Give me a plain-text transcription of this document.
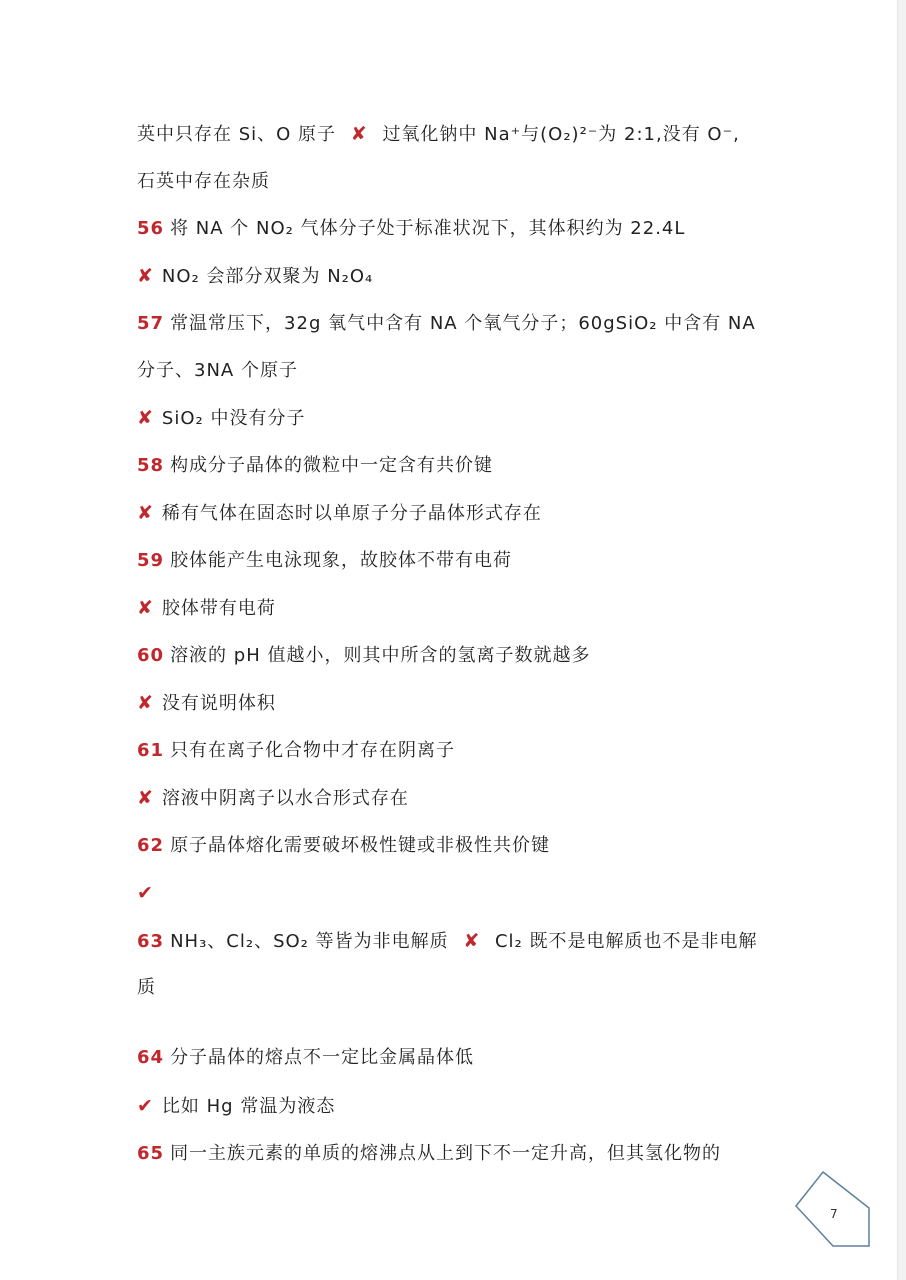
英中只存在 Si、O 原子 ✘ 过氧化钠中 Na⁺与(O₂)²⁻为 2:1,没有 O⁻,
石英中存在杂质
56 将 NA 个 NO₂ 气体分子处于标准状况下，其体积约为 22.4L
✘ NO₂ 会部分双聚为 N₂O₄
57 常温常压下，32g 氧气中含有 NA 个氧气分子；60gSiO₂ 中含有 NA
分子、3NA 个原子
✘ SiO₂ 中没有分子
58 构成分子晶体的微粒中一定含有共价键
✘ 稀有气体在固态时以单原子分子晶体形式存在
59 胶体能产生电泳现象，故胶体不带有电荷
✘ 胶体带有电荷
60 溶液的 pH 值越小，则其中所含的氢离子数就越多
✘ 没有说明体积
61 只有在离子化合物中才存在阴离子
✘ 溶液中阴离子以水合形式存在
62 原子晶体熔化需要破坏极性键或非极性共价键
✔
63 NH₃、Cl₂、SO₂ 等皆为非电解质 ✘ Cl₂ 既不是电解质也不是非电解
质
64 分子晶体的熔点不一定比金属晶体低
✔ 比如 Hg 常温为液态
65 同一主族元素的单质的熔沸点从上到下不一定升高，但其氢化物的
7
